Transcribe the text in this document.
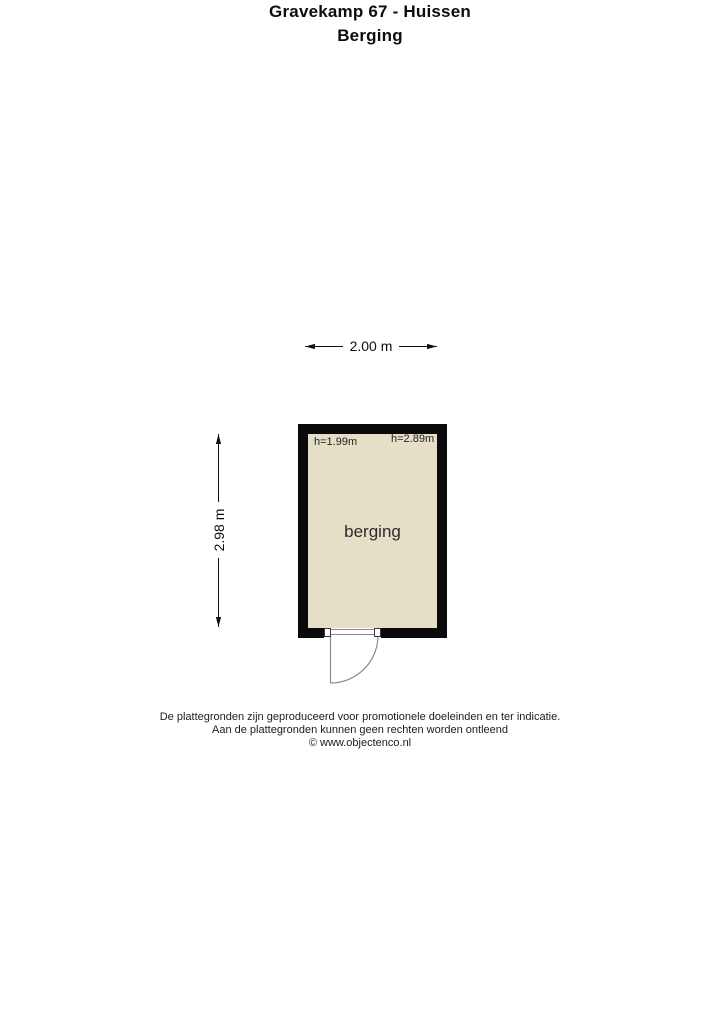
Gravekamp 67 - Huissen
Berging
2.00 m
2.98 m
h=1.99m	h=2.89m
berging
De plattegronden zijn geproduceerd voor promotionele doeleinden en ter indicatie.
Aan de plattegronden kunnen geen rechten worden ontleend
© www.objectenco.nl
